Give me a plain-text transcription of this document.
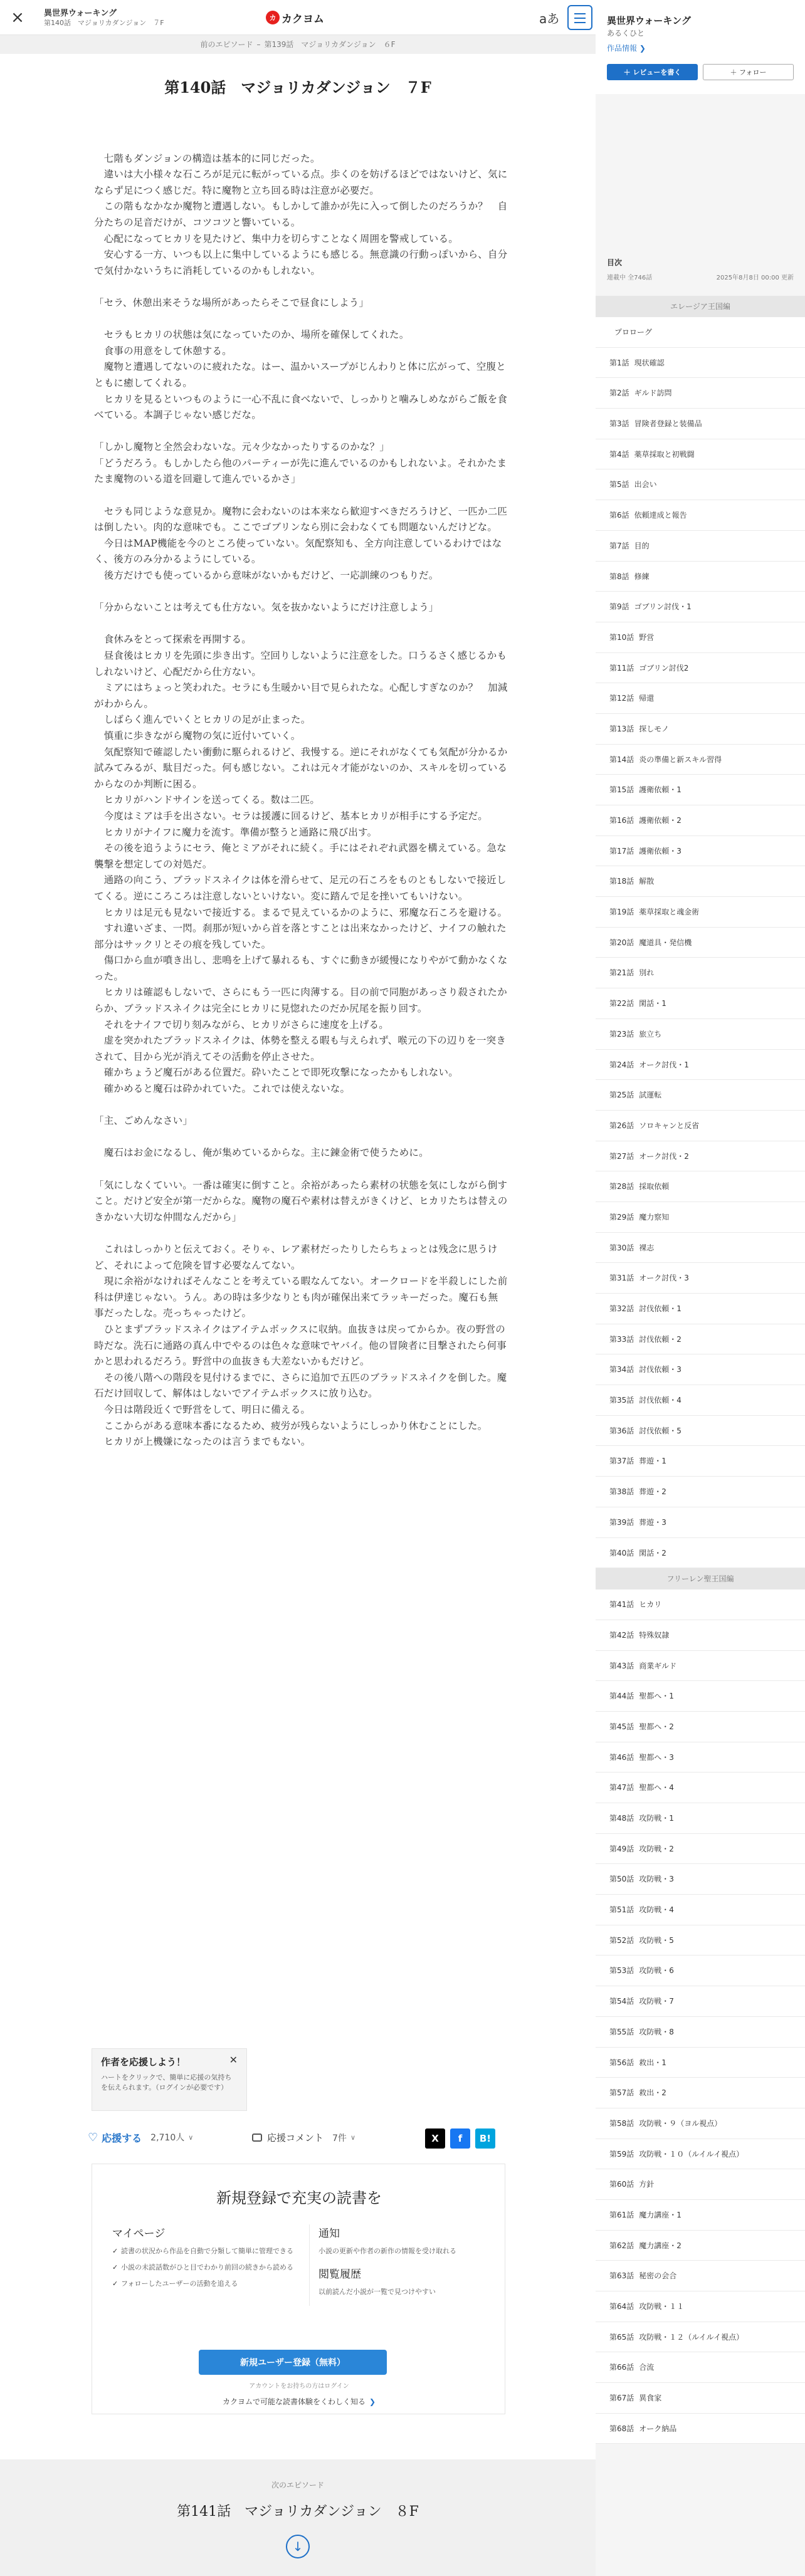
× 異世界ウォーキング
第140話　マジョリカダンジョン　７F
カ カクヨム	aあ
前のエピソード – 第139話　マジョリカダンジョン　６F
第140話　マジョリカダンジョン　７F

　七階もダンジョンの構造は基本的に同じだった。

　違いは大小様々な石ころが足元に転がっている点。歩くのを妨げるほどではないけど、気にならず足につく感じだ。特に魔物と立ち回る時は注意が必要だ。

　この階もなかなか魔物と遭遇しない。もしかして誰かが先に入って倒したのだろうか？　自分たちの足音だけが、コツコツと響いている。

　心配になってヒカリを見たけど、集中力を切らすことなく周囲を警戒している。

　安心する一方、いつも以上に集中しているようにも感じる。無意識の行動っぽいから、自分で気付かないうちに消耗しているのかもしれない。

「セラ、休憩出来そうな場所があったらそこで昼食にしよう」

　セラもヒカリの状態は気になっていたのか、場所を確保してくれた。

　食事の用意をして休憩する。

　魔物と遭遇してないのに疲れたな。はー、温かいスープがじんわりと体に広がって、空腹とともに癒してくれる。

　ヒカリを見るといつものように一心不乱に食べないで、しっかりと噛みしめながらご飯を食べている。本調子じゃない感じだな。

「しかし魔物と全然会わないな。元々少なかったりするのかな？」

「どうだろう。もしかしたら他のパーティーが先に進んでいるのかもしれないよ。それかたまたま魔物のいる道を回避して進んでいるかさ」

　セラも同じような意見か。魔物に会わないのは本来なら歓迎すべきだろうけど、一匹か二匹は倒したい。肉的な意味でも。ここでゴブリンなら別に会わなくても問題ないんだけどな。

　今日はMAP機能を今のところ使っていない。気配察知も、全方向注意しているわけではなく、後方のみ分かるようにしている。

　後方だけでも使っているから意味がないかもだけど、一応訓練のつもりだ。

「分からないことは考えても仕方ない。気を抜かないようにだけ注意しよう」

　食休みをとって探索を再開する。

　昼食後はヒカリを先頭に歩き出す。空回りしないように注意をした。口うるさく感じるかもしれないけど、心配だから仕方ない。

　ミアにはちょっと笑われた。セラにも生暖かい目で見られたな。心配しすぎなのか？　加減がわからん。

　しばらく進んでいくとヒカリの足が止まった。

　慎重に歩きながら魔物の気に近付いていく。

　気配察知で確認したい衝動に駆られるけど、我慢する。逆にそれがなくても気配が分かるか試みてみるが、駄目だった。何も感じない。これは元々才能がないのか、スキルを切っているからなのか判断に困る。

　ヒカリがハンドサインを送ってくる。数は二匹。

　今度はミアは手を出さない。セラは援護に回るけど、基本ヒカリが相手にする予定だ。

　ヒカリがナイフに魔力を流す。準備が整うと通路に飛び出す。

　その後を追うようにセラ、俺とミアがそれに続く。手にはそれぞれ武器を構えている。急な襲撃を想定しての対処だ。

　通路の向こう、ブラッドスネイクは体を滑らせて、足元の石ころをものともしないで接近してくる。逆にころころは注意しないといけない。変に踏んで足を挫いてもいけない。

　ヒカリは足元も見ないで接近する。まるで見えているかのように、邪魔な石ころを避ける。

　すれ違いざま、一閃。刹那が短いから首を落とすことは出来なかったけど、ナイフの触れた部分はサックリとその痕を残していた。

　傷口から血が噴き出し、悲鳴を上げて暴れるも、すぐに動きが緩慢になりやがて動かなくなった。

　ヒカリは確認もしないで、さらにもう一匹に肉薄する。目の前で同胞があっさり殺されたからか、ブラッドスネイクは完全にヒカリに見惚れたのだか尻尾を振り回す。

　それをナイフで切り刻みながら、ヒカリがさらに速度を上げる。

　虚を突かれたブラッドスネイクは、体勢を整える暇も与えられず、喉元の下の辺りを一突きされて、目から光が消えてその活動を停止させた。

　確かちょうど魔石がある位置だ。砕いたことで即死攻撃になったかもしれない。

　確かめると魔石は砕かれていた。これでは使えないな。

「主、ごめんなさい」

　魔石はお金になるし、俺が集めているからな。主に錬金術で使うために。

「気にしなくていい。一番は確実に倒すこと。余裕があったら素材の状態を気にしながら倒すこと。だけど安全が第一だからな。魔物の魔石や素材は替えがきくけど、ヒカリたちは替えのきかない大切な仲間なんだから」

　これはしっかりと伝えておく。そりゃ、レア素材だったりしたらちょっとは残念に思うけど、それによって危険を冒す必要なんてない。

　現に余裕がなければそんなことを考えている暇なんてない。オークロードを半殺しにした前科は伊達じゃない。うん。あの時は多少なりとも肉が確保出来てラッキーだった。魔石も無事だったしな。売っちゃったけど。

　ひとまずブラッドスネイクはアイテムボックスに収納。血抜きは戻ってからか。夜の野営の時だな。洗石に通路の真ん中でやるのは色々な意味でヤバイ。他の冒険者に目撃されたら何事かと思われるだろう。野営中の血抜きも大差ないかもだけど。

　その後八階への階段を見付けるまでに、さらに追加で五匹のブラッドスネイクを倒した。魔石だけ回収して、解体はしないでアイテムボックスに放り込む。

　今日は階段近くで野営をして、明日に備える。

　ここからがある意味本番になるため、疲労が残らないようにしっかり休むことにした。

　ヒカリが上機嫌になったのは言うまでもない。

異世界ウォーキング
あるくひと
作品情報 ❯
＋ レビューを書く	＋ フォロー
目次
連載中 全746話	2025年8月8日 00:00 更新
エレージア王国編
プロローグ
第1話 現状確認
第2話 ギルド訪問
第3話 冒険者登録と装備品
第4話 薬草採取と初戦闘
第5話 出会い
第6話 依頼達成と報告
第7話 目的
第8話 修練
第9話 ゴブリン討伐・1
第10話 野営
第11話 ゴブリン討伐2
第12話 帰還
第13話 探しモノ
第14話 炎の準備と新スキル習得
第15話 護衛依頼・1
第16話 護衛依頼・2
第17話 護衛依頼・3
第18話 解散
第19話 薬草採取と魂金術
第20話 魔道具・発信機
第21話 別れ
第22話 閑話・1
第23話 旅立ち
第24話 オーク討伐・1
第25話 試運転
第26話 ソロキャンと反省
第27話 オーク討伐・2
第28話 採取依頼
第29話 魔力察知
第30話 裸志
第31話 オーク討伐・3
第32話 討伐依頼・1
第33話 討伐依頼・2
第34話 討伐依頼・3
第35話 討伐依頼・4
第36話 討伐依頼・5
第37話 葬遊・1
第38話 葬遊・2
第39話 葬遊・3
第40話 閑話・2
フリーレン聖王国編
第41話 ヒカリ
第42話 特殊奴隷
第43話 商業ギルド
第44話 聖都へ・1
第45話 聖都へ・2
第46話 聖都へ・3
第47話 聖都へ・4
第48話 攻防戦・1
第49話 攻防戦・2
第50話 攻防戦・3
第51話 攻防戦・4
第52話 攻防戦・5
第53話 攻防戦・6
第54話 攻防戦・7
第55話 攻防戦・8
第56話 救出・1
第57話 救出・2
第58話 攻防戦・９（ヨル視点）
第59話 攻防戦・１０（ルイルイ視点）
第60話 方針
第61話 魔力講座・1
第62話 魔力講座・2
第63話 秘密の会合
第64話 攻防戦・１１
第65話 攻防戦・１２（ルイルイ視点）
第66話 合流
第67話 異食家
第68話 オーク納品
作者を応援しよう！	✕
ハートをクリックで、簡単に応援の気持ちを伝えられます。（ログインが必要です）
♡ 応援する 2,710人 ∨	応援コメント 7件 ∨	X	f	B!
新規登録で充実の読書を
マイページ
✓ 読書の状況から作品を自動で分類して簡単に管理できる
✓ 小説の未読話数がひと目でわかり前回の続きから読める
✓ フォローしたユーザーの活動を追える
通知
小説の更新や作者の新作の情報を受け取れる
閲覧履歴
以前読んだ小説が一覧で見つけやすい
新規ユーザー登録（無料）
アカウントをお持ちの方はログイン
カクヨムで可能な読書体験をくわしく知る ❯
次のエピソード
第141話　マジョリカダンジョン　８F
↓
